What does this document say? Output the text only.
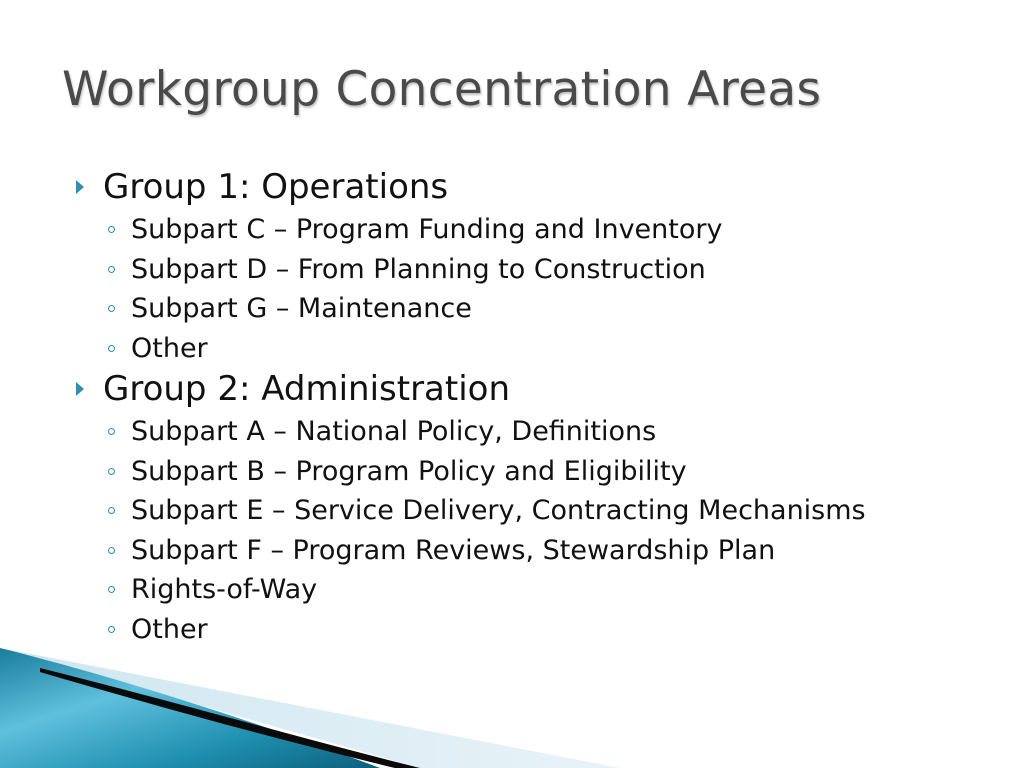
Workgroup Concentration Areas
Group 1: Operations
Subpart C – Program Funding and Inventory
Subpart D – From Planning to Construction
Subpart G – Maintenance
Other
Group 2: Administration
Subpart A – National Policy, Definitions
Subpart B – Program Policy and Eligibility
Subpart E – Service Delivery, Contracting Mechanisms
Subpart F – Program Reviews, Stewardship Plan
Rights-of-Way
Other
